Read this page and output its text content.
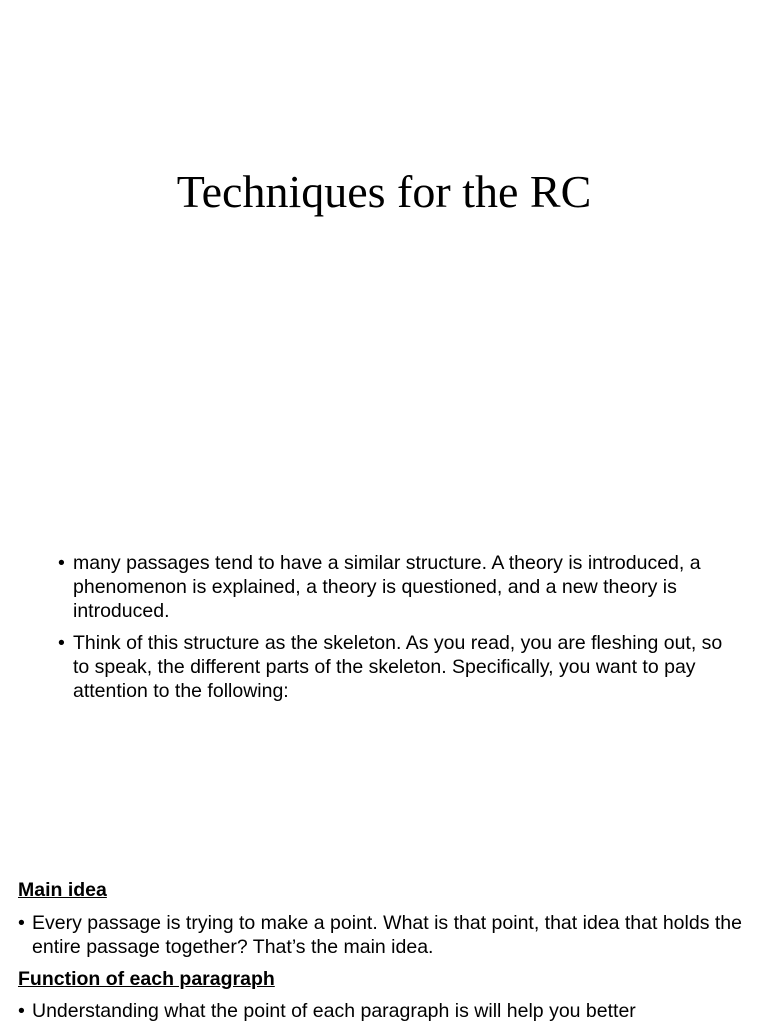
Techniques for the RC
• many passages tend to have a similar structure. A theory is introduced, a phenomenon is explained, a theory is questioned, and a new theory is introduced.
• Think of this structure as the skeleton. As you read, you are fleshing out, so to speak, the different parts of the skeleton. Specifically, you want to pay attention to the following:
Main idea
• Every passage is trying to make a point. What is that point, that idea that holds the entire passage together? That’s the main idea.
Function of each paragraph
• Understanding what the point of each paragraph is will help you better
